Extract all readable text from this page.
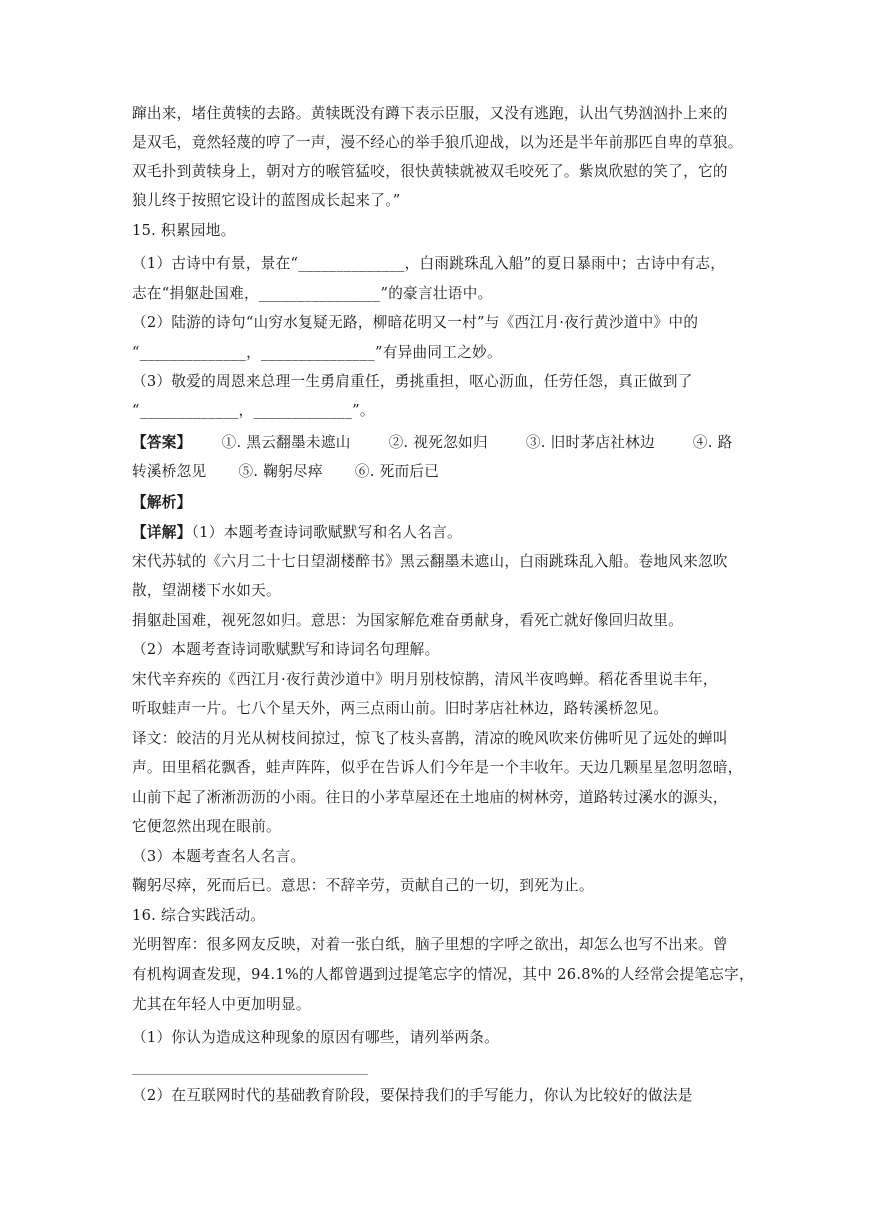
蹿出来，堵住黄犊的去路。黄犊既没有蹲下表示臣服，又没有逃跑，认出气势汹汹扑上来的
是双毛，竟然轻蔑的哼了一声，漫不经心的举手狼爪迎战，以为还是半年前那匹自卑的草狼。
双毛扑到黄犊身上，朝对方的喉管猛咬，很快黄犊就被双毛咬死了。紫岚欣慰的笑了，它的
狼儿终于按照它设计的蓝图成长起来了。”
15. 积累园地。
（1）古诗中有景，景在“______________，白雨跳珠乱入船”的夏日暴雨中；古诗中有志，
志在“捐躯赴国难，________________”的豪言壮语中。
（2）陆游的诗句“山穷水复疑无路，柳暗花明又一村”与《西江月·夜行黄沙道中》中的
“______________，_______________”有异曲同工之妙。
（3）敬爱的周恩来总理一生勇肩重任，勇挑重担，呕心沥血，任劳任怨，真正做到了
“_____________，_____________”。
【答案】 ①. 黑云翻墨未遮山	②. 视死忽如归	③. 旧时茅店社林边	④. 路
转溪桥忽见 ⑤. 鞠躬尽瘁 ⑥. 死而后已
【解析】
【详解】（1）本题考查诗词歌赋默写和名人名言。
宋代苏轼的《六月二十七日望湖楼醉书》黑云翻墨未遮山，白雨跳珠乱入船。卷地风来忽吹
散，望湖楼下水如天。
捐躯赴国难，视死忽如归。意思：为国家解危难奋勇献身，看死亡就好像回归故里。
（2）本题考查诗词歌赋默写和诗词名句理解。
宋代辛弃疾的《西江月·夜行黄沙道中》明月别枝惊鹊，清风半夜鸣蝉。稻花香里说丰年，
听取蛙声一片。七八个星天外，两三点雨山前。旧时茅店社林边，路转溪桥忽见。
译文：皎洁的月光从树枝间掠过，惊飞了枝头喜鹊，清凉的晚风吹来仿佛听见了远处的蝉叫
声。田里稻花飘香，蛙声阵阵，似乎在告诉人们今年是一个丰收年。天边几颗星星忽明忽暗，
山前下起了淅淅沥沥的小雨。往日的小茅草屋还在土地庙的树林旁，道路转过溪水的源头，
它便忽然出现在眼前。
（3）本题考查名人名言。
鞠躬尽瘁，死而后已。意思：不辞辛劳，贡献自己的一切，到死为止。
16. 综合实践活动。
光明智库：很多网友反映，对着一张白纸，脑子里想的字呼之欲出，却怎么也写不出来。曾
有机构调查发现，94.1%的人都曾遇到过提笔忘字的情况，其中 26.8%的人经常会提笔忘字，
尤其在年轻人中更加明显。
（1）你认为造成这种现象的原因有哪些，请列举两条。
（2）在互联网时代的基础教育阶段，要保持我们的手写能力，你认为比较好的做法是
